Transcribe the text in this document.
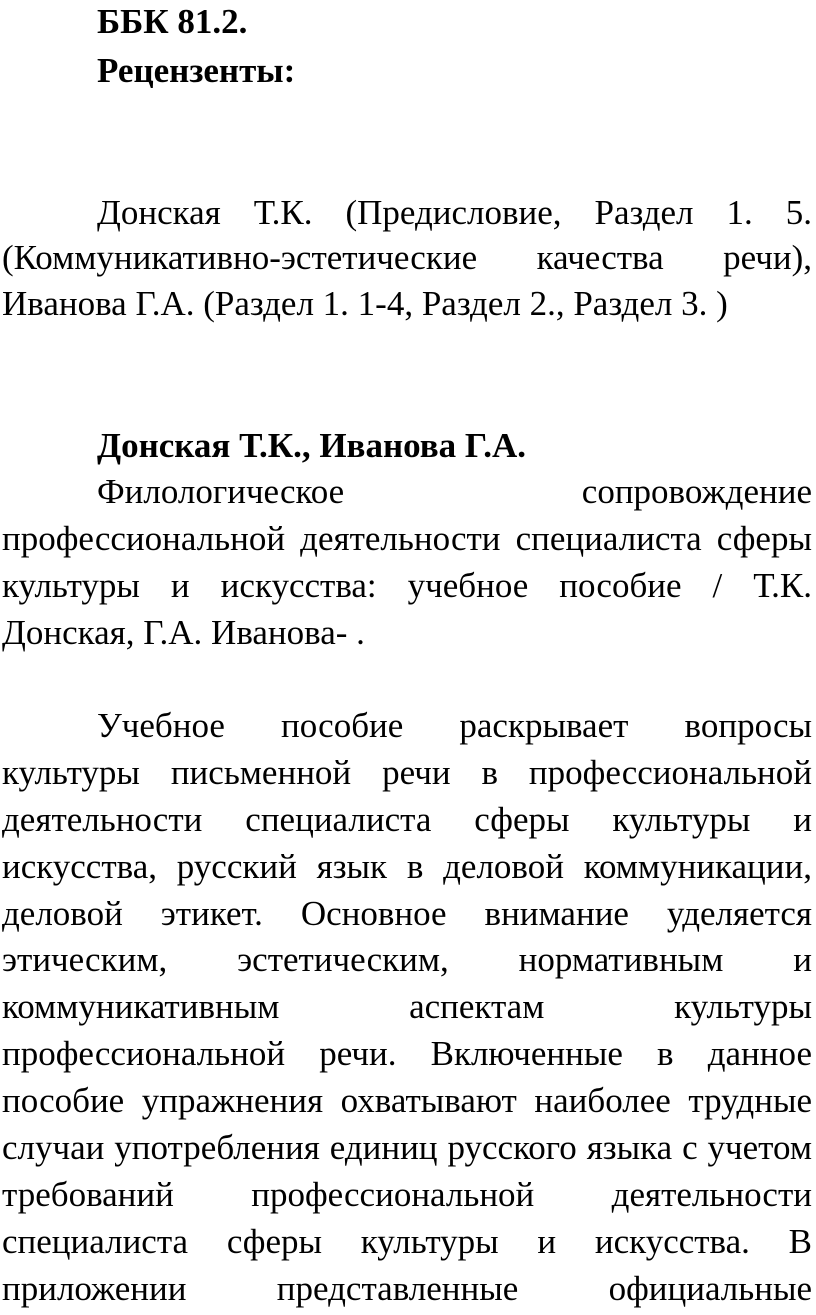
ББК 81.2.
Рецензенты:
Донская Т.К. (Предисловие, Раздел 1. 5.
(Коммуникативно-эстетические качества речи),
Иванова Г.А. (Раздел 1. 1-4, Раздел 2., Раздел 3. )
Донская Т.К., Иванова Г.А.
Филологическое сопровождение
профессиональной деятельности специалиста сферы
культуры и искусства: учебное пособие / Т.К.
Донская, Г.А. Иванова- .
Учебное пособие раскрывает вопросы
культуры письменной речи в профессиональной
деятельности специалиста сферы культуры и
искусства, русский язык в деловой коммуникации,
деловой этикет. Основное внимание уделяется
этическим, эстетическим, нормативным и
коммуникативным аспектам культуры
профессиональной речи. Включенные в данное
пособие упражнения охватывают наиболее трудные
случаи употребления единиц русского языка с учетом
требований профессиональной деятельности
специалиста сферы культуры и искусства. В
приложении представленные официальные
